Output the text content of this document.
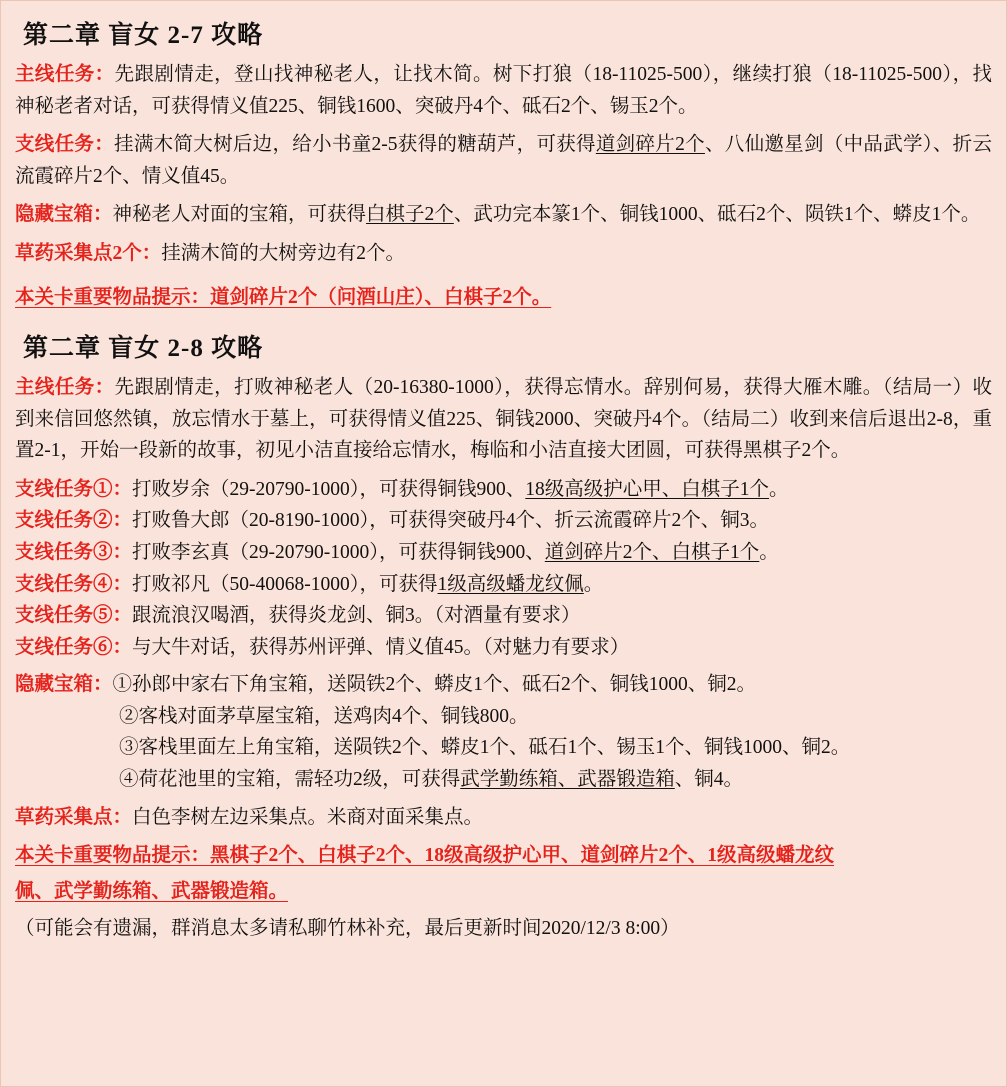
第二章 盲女 2-7 攻略

主线任务：先跟剧情走，登山找神秘老人，让找木简。树下打狼（18-11025-500），继续打狼（18-11025-500），找神秘老者对话，可获得情义值225、铜钱1600、突破丹4个、砥石2个、锡玉2个。

支线任务：挂满木简大树后边，给小书童2-5获得的糖葫芦，可获得道剑碎片2个、八仙邀星剑（中品武学）、折云流霞碎片2个、情义值45。

隐藏宝箱：神秘老人对面的宝箱，可获得白棋子2个、武功完本篆1个、铜钱1000、砥石2个、陨铁1个、蟒皮1个。

草药采集点2个：挂满木简的大树旁边有2个。

本关卡重要物品提示：道剑碎片2个（问酒山庄）、白棋子2个。
第二章 盲女 2-8 攻略

主线任务：先跟剧情走，打败神秘老人（20-16380-1000），获得忘情水。辞别何易，获得大雁木雕。（结局一）收到来信回悠然镇，放忘情水于墓上，可获得情义值225、铜钱2000、突破丹4个。（结局二）收到来信后退出2-8，重置2-1，开始一段新的故事，初见小洁直接给忘情水，梅临和小洁直接大团圆，可获得黑棋子2个。

支线任务①：打败岁余（29-20790-1000），可获得铜钱900、18级高级护心甲、白棋子1个。

支线任务②：打败鲁大郎（20-8190-1000），可获得突破丹4个、折云流霞碎片2个、铜3。

支线任务③：打败李玄真（29-20790-1000），可获得铜钱900、道剑碎片2个、白棋子1个。

支线任务④：打败祁凡（50-40068-1000），可获得1级高级蟠龙纹佩。

支线任务⑤：跟流浪汉喝酒，获得炎龙剑、铜3。（对酒量有要求）

支线任务⑥：与大牛对话，获得苏州评弹、情义值45。（对魅力有要求）

隐藏宝箱：①孙郎中家右下角宝箱，送陨铁2个、蟒皮1个、砥石2个、铜钱1000、铜2。

②客栈对面茅草屋宝箱，送鸡肉4个、铜钱800。

③客栈里面左上角宝箱，送陨铁2个、蟒皮1个、砥石1个、锡玉1个、铜钱1000、铜2。

④荷花池里的宝箱，需轻功2级，可获得武学勤练箱、武器锻造箱、铜4。

草药采集点：白色李树左边采集点。米商对面采集点。

本关卡重要物品提示：黑棋子2个、白棋子2个、18级高级护心甲、道剑碎片2个、1级高级蟠龙纹
佩、武学勤练箱、武器锻造箱。

（可能会有遗漏，群消息太多请私聊竹林补充，最后更新时间2020/12/3 8:00）
